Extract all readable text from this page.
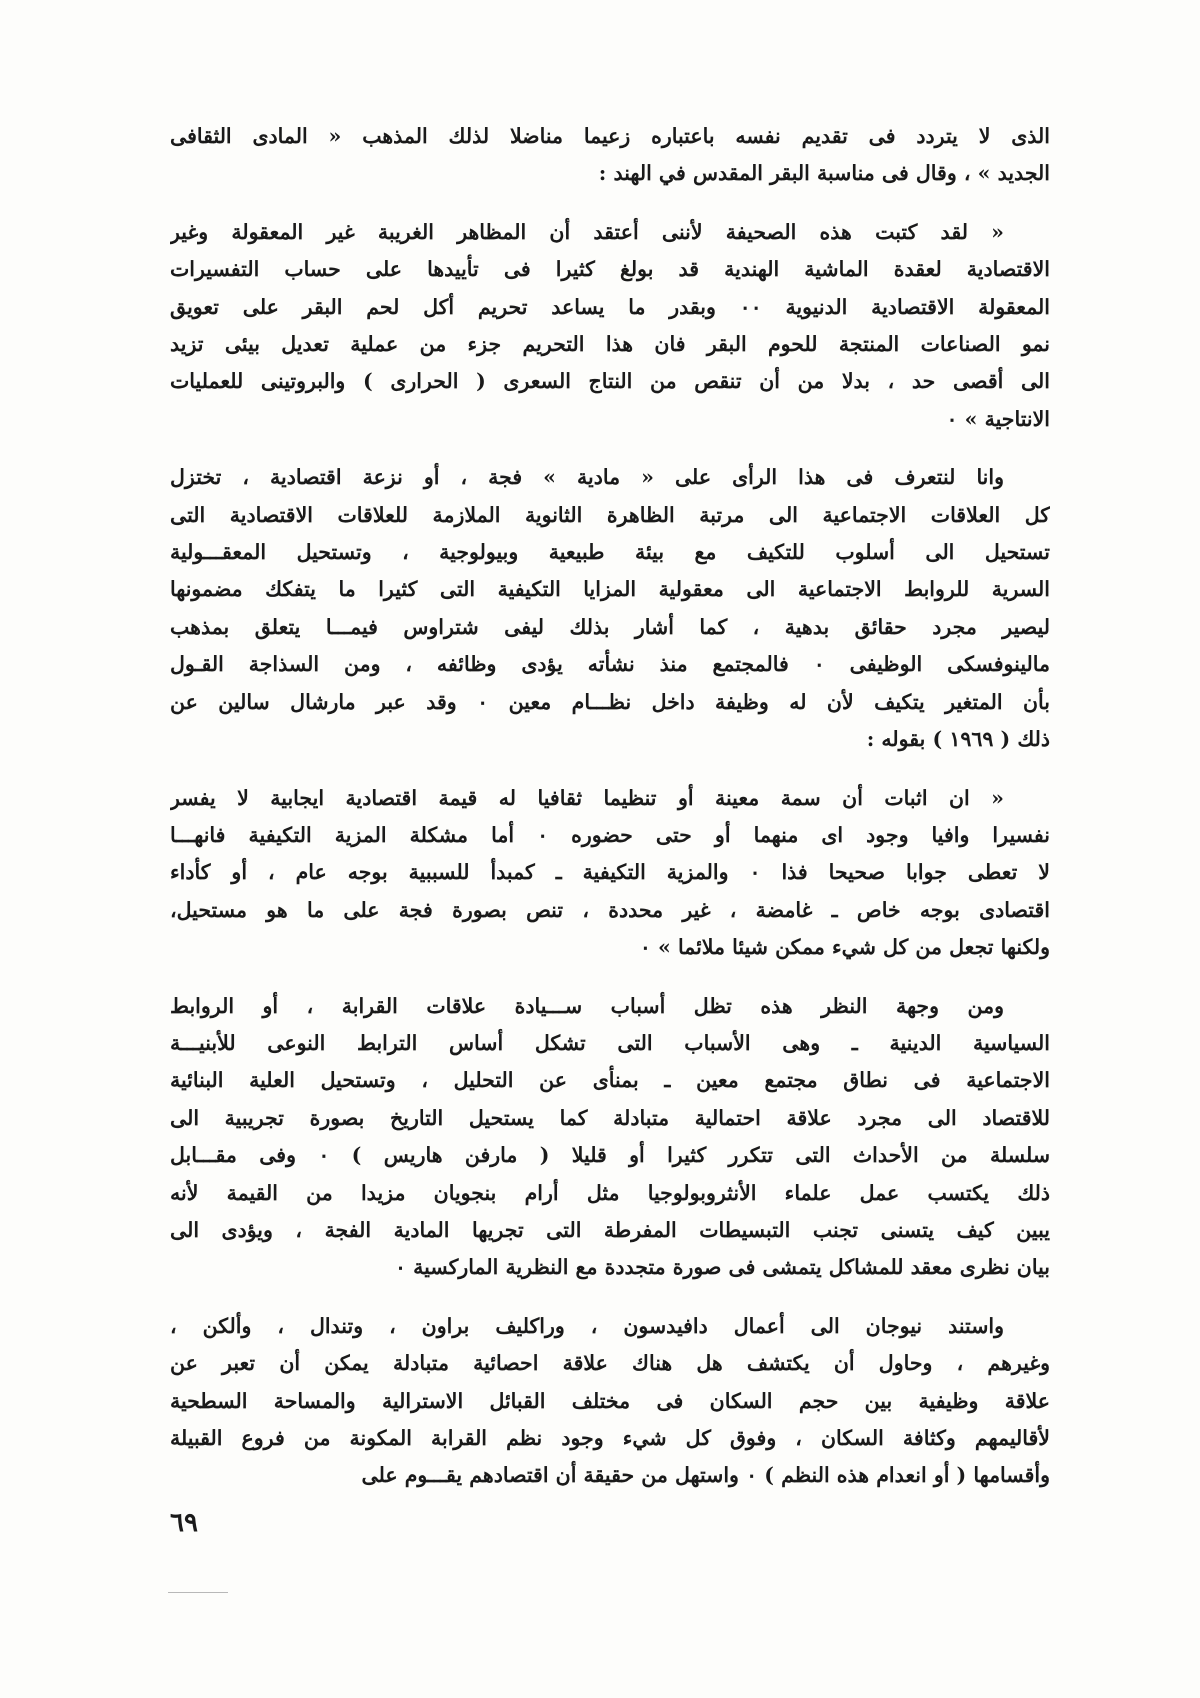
الذى لا يتردد فى تقديم نفسه باعتباره زعيما مناضلا لذلك المذهب « المادى الثقافى
الجديد » ، وقال فى مناسبة البقر المقدس في الهند :
« لقد كتبت هذه الصحيفة لأننى أعتقد أن المظاهر الغريبة غير المعقولة وغير
الاقتصادية لعقدة الماشية الهندية قد بولغ كثيرا فى تأييدها على حساب التفسيرات
المعقولة الاقتصادية الدنيوية ٠٠ وبقدر ما يساعد تحريم أكل لحم البقر على تعويق
نمو الصناعات المنتجة للحوم البقر فان هذا التحريم جزء من عملية تعديل بيئى تزيد
الى أقصى حد ، بدلا من أن تنقص من النتاج السعرى ( الحرارى ) والبروتينى للعمليات
الانتاجية » ٠
وانا لنتعرف فى هذا الرأى على « مادية » فجة ، أو نزعة اقتصادية ، تختزل
كل العلاقات الاجتماعية الى مرتبة الظاهرة الثانوية الملازمة للعلاقات الاقتصادية التى
تستحيل الى أسلوب للتكيف مع بيئة طبيعية وبيولوجية ، وتستحيل المعقـــولية
السرية للروابط الاجتماعية الى معقولية المزايا التكيفية التى كثيرا ما يتفكك مضمونها
ليصير مجرد حقائق بدهية ، كما أشار بذلك ليفى شتراوس فيمـــا يتعلق بمذهب
مالينوفسكى الوظيفى ٠ فالمجتمع منذ نشأته يؤدى وظائفه ، ومن السذاجة القـول
بأن المتغير يتكيف لأن له وظيفة داخل نظـــام معين ٠ وقد عبر مارشال سالين عن
ذلك ( ١٩٦٩ ) بقوله :
« ان اثبات أن سمة معينة أو تنظيما ثقافيا له قيمة اقتصادية ايجابية لا يفسر
نفسيرا وافيا وجود اى منهما أو حتى حضوره ٠ أما مشكلة المزية التكيفية فانهـــا
لا تعطى جوابا صحيحا فذا ٠ والمزية التكيفية ـ كمبدأ للسببية بوجه عام ، أو كأداء
اقتصادى بوجه خاص ـ غامضة ، غير محددة ، تنص بصورة فجة على ما هو مستحيل،
ولكنها تجعل من كل شيء ممكن شيئا ملائما » ٠
ومن وجهة النظر هذه تظل أسباب ســـيادة علاقات القرابة ، أو الروابط
السياسية الدينية ـ وهى الأسباب التى تشكل أساس الترابط النوعى للأبنيـــة
الاجتماعية فى نطاق مجتمع معين ـ بمنأى عن التحليل ، وتستحيل العلية البنائية
للاقتصاد الى مجرد علاقة احتمالية متبادلة كما يستحيل التاريخ بصورة تجريبية الى
سلسلة من الأحداث التى تتكرر كثيرا أو قليلا ( مارفن هاريس ) ٠ وفى مقـــابل
ذلك يكتسب عمل علماء الأنثروبولوجيا مثل أرام بنجويان مزيدا من القيمة لأنه
يبين كيف يتسنى تجنب التبسيطات المفرطة التى تجريها المادية الفجة ، ويؤدى الى
بيان نظرى معقد للمشاكل يتمشى فى صورة متجددة مع النظرية الماركسية ٠
واستند نيوجان الى أعمال دافيدسون ، وراكليف براون ، وتندال ، وألكن ،
وغيرهم ، وحاول أن يكتشف هل هناك علاقة احصائية متبادلة يمكن أن تعبر عن
علاقة وظيفية بين حجم السكان فى مختلف القبائل الاسترالية والمساحة السطحية
لأقاليمهم وكثافة السكان ، وفوق كل شيء وجود نظم القرابة المكونة من فروع القبيلة
وأقسامها ( أو انعدام هذه النظم ) ٠ واستهل من حقيقة أن اقتصادهم يقـــوم على
٦٩
